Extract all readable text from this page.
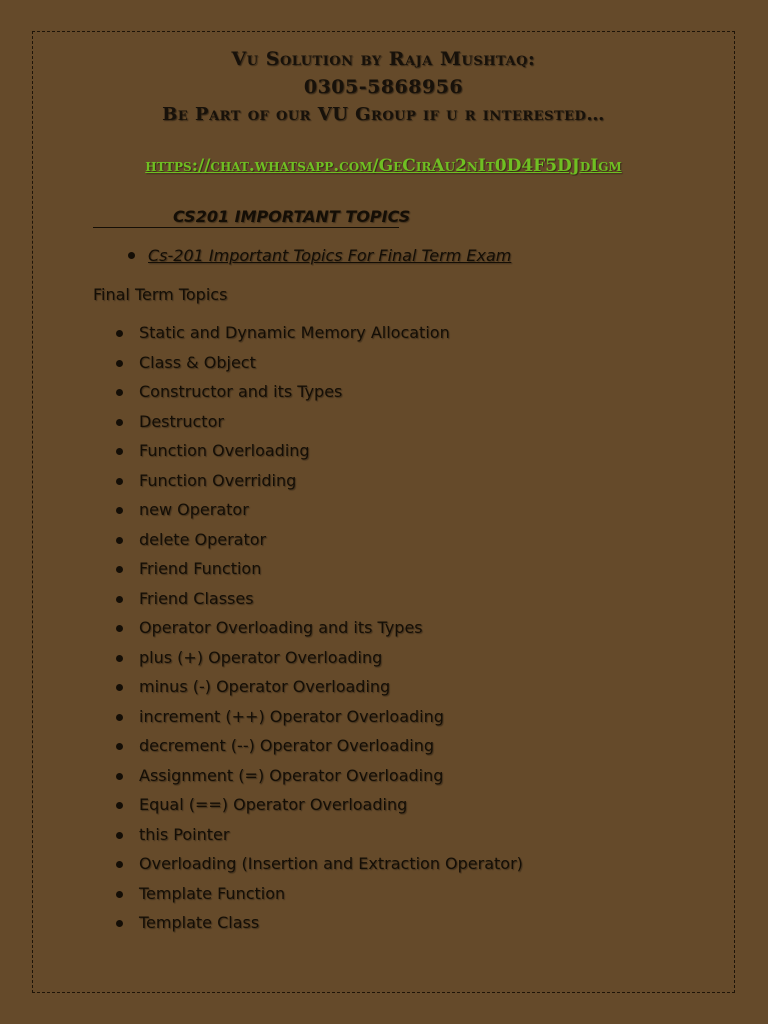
Vu Solution by Raja Mushtaq:
0305-5868956
Be Part of our VU Group if u r interested…
https://chat.whatsapp.com/GeCirAu2nIt0D4F5DJdIgm
CS201 IMPORTANT TOPICS
Cs-201 Important Topics For Final Term Exam
Final Term Topics
Static and Dynamic Memory Allocation
Class & Object
Constructor and its Types
Destructor
Function Overloading
Function Overriding
new Operator
delete Operator
Friend Function
Friend Classes
Operator Overloading and its Types
plus (+) Operator Overloading
minus (-) Operator Overloading
increment (++) Operator Overloading
decrement (--) Operator Overloading
Assignment (=) Operator Overloading
Equal (==) Operator Overloading
this Pointer
Overloading (Insertion and Extraction Operator)
Template Function
Template Class
